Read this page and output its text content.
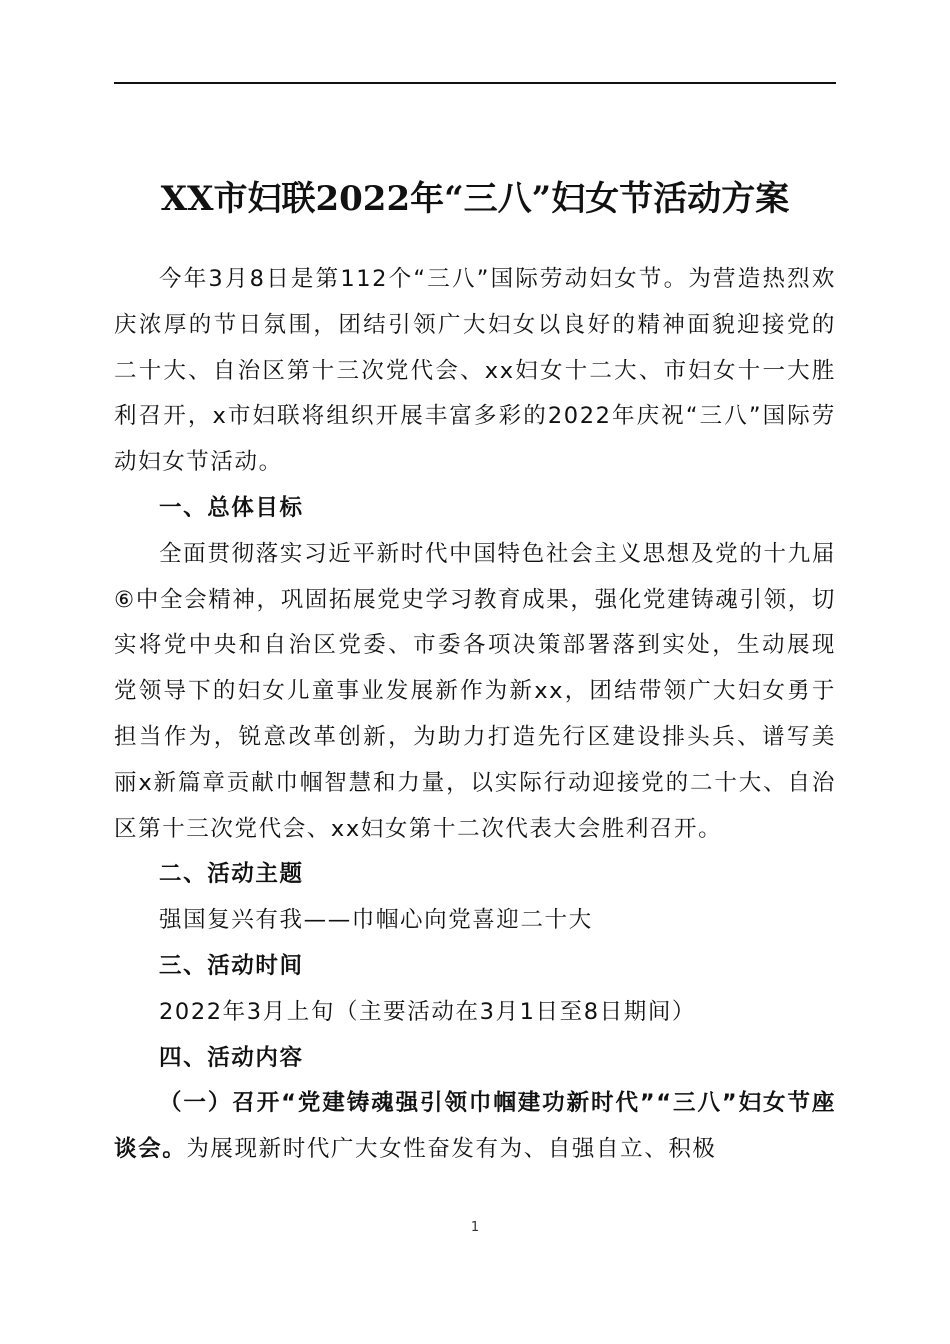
XX市妇联2022年“三八”妇女节活动方案

今年3月8日是第112个“三八”国际劳动妇女节。为营造热烈欢庆浓厚的节日氛围，团结引领广大妇女以良好的精神面貌迎接党的二十大、自治区第十三次党代会、xx妇女十二大、市妇女十一大胜利召开，x市妇联将组织开展丰富多彩的2022年庆祝“三八”国际劳动妇女节活动。

一、总体目标

全面贯彻落实习近平新时代中国特色社会主义思想及党的十九届⑥中全会精神，巩固拓展党史学习教育成果，强化党建铸魂引领，切实将党中央和自治区党委、市委各项决策部署落到实处，生动展现党领导下的妇女儿童事业发展新作为新xx，团结带领广大妇女勇于担当作为，锐意改革创新，为助力打造先行区建设排头兵、谱写美丽x新篇章贡献巾帼智慧和力量，以实际行动迎接党的二十大、自治区第十三次党代会、xx妇女第十二次代表大会胜利召开。

二、活动主题

强国复兴有我——巾帼心向党喜迎二十大

三、活动时间

2022年3月上旬（主要活动在3月1日至8日期间）

四、活动内容

（一）召开“党建铸魂强引领巾帼建功新时代”“三八”妇女节座谈会。为展现新时代广大女性奋发有为、自强自立、积极

1
